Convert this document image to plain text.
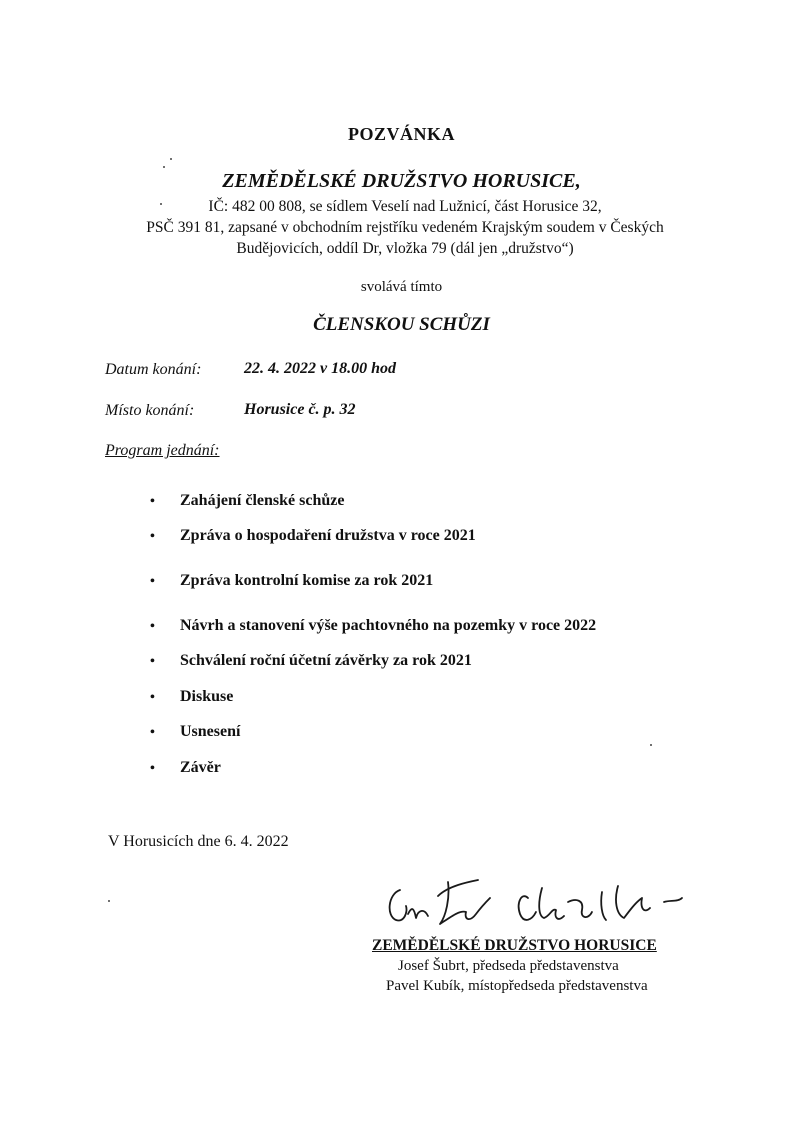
POZVÁNKA
ZEMĚDĚLSKÉ DRUŽSTVO HORUSICE,
IČ: 482 00 808, se sídlem Veselí nad Lužnicí, část Horusice 32,
PSČ 391 81, zapsané v obchodním rejstříku vedeném Krajským soudem v Českých
Budějovicích, oddíl Dr, vložka 79 (dál jen „družstvo“)
svolává tímto
ČLENSKOU SCHŮZI
Datum konání:	22. 4. 2022 v 18.00 hod
Místo konání:	Horusice č. p. 32
Program jednání:
• Zahájení členské schůze
• Zpráva o hospodaření družstva v roce 2021
• Zpráva kontrolní komise za rok 2021
• Návrh a stanovení výše pachtovného na pozemky v roce 2022
• Schválení roční účetní závěrky za rok 2021
• Diskuse
• Usnesení
• Závěr
V Horusicích dne 6. 4. 2022
ZEMĚDĚLSKÉ DRUŽSTVO HORUSICE
Josef Šubrt, předseda představenstva
Pavel Kubík, místopředseda představenstva
